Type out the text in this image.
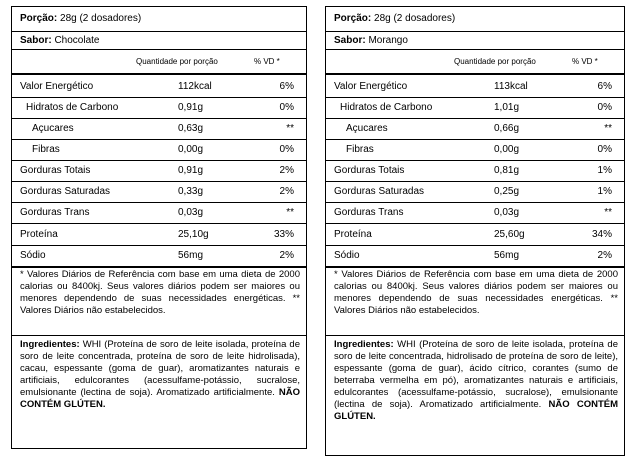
Porção: 28g (2 dosadores)
Sabor: Chocolate
Quantidade por porção	% VD *
Valor Energético	112kcal	6%
Hidratos de Carbono	0,91g	0%
Açucares	0,63g	**
Fibras	0,00g	0%
Gorduras Totais	0,91g	2%
Gorduras Saturadas	0,33g	2%
Gorduras Trans	0,03g	**
Proteína	25,10g	33%
Sódio	56mg	2%
* Valores Diários de Referência com base em uma dieta de 2000 calorias ou 8400kj. Seus valores diários podem ser maiores ou menores dependendo de suas necessidades energéticas. ** Valores Diários não estabelecidos.
Ingredientes: WHI (Proteína de soro de leite isolada, proteína de soro de leite concentrada, proteína de soro de leite hidrolisada), cacau, espessante (goma de guar), aromatizantes naturais e artificiais, edulcorantes (acessulfame-potássio, sucralose, emulsionante (lectina de soja). Aromatizado artificialmente. NÃO CONTÉM GLÚTEN.
Porção: 28g (2 dosadores)
Sabor: Morango
Quantidade por porção	% VD *
Valor Energético	113kcal	6%
Hidratos de Carbono	1,01g	0%
Açucares	0,66g	**
Fibras	0,00g	0%
Gorduras Totais	0,81g	1%
Gorduras Saturadas	0,25g	1%
Gorduras Trans	0,03g	**
Proteína	25,60g	34%
Sódio	56mg	2%
* Valores Diários de Referência com base em uma dieta de 2000 calorias ou 8400kj. Seus valores diários podem ser maiores ou menores dependendo de suas necessidades energéticas. ** Valores Diários não estabelecidos.
Ingredientes: WHI (Proteína de soro de leite isolada, proteína de soro de leite concentrada, hidrolisado de proteína de soro de leite), espessante (goma de guar), ácido cítrico, corantes (sumo de beterraba vermelha em pó), aromatizantes naturais e artificiais, edulcorantes (acessulfame-potássio, sucralose), emulsionante (lectina de soja). Aromatizado artificialmente. NÃO CONTÉM GLÚTEN.
